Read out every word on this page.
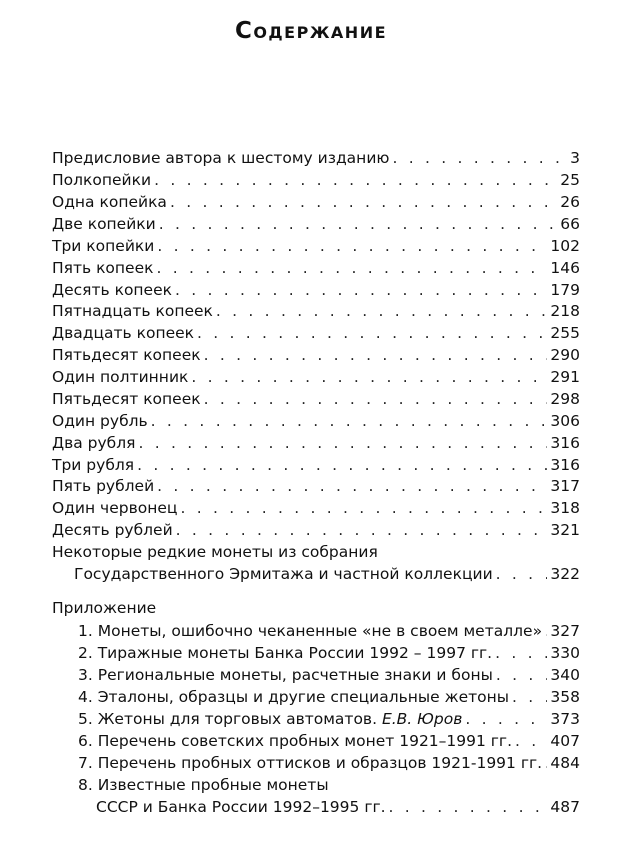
Содержание
Предисловие автора к шестому изданию . . .	3
Полкопейки . . .	25
Одна копейка . . .	26
Две копейки . . .	66
Три копейки . . .	102
Пять копеек . . .	146
Десять копеек . . .	179
Пятнадцать копеек . . .	218
Двадцать копеек . . .	255
Пятьдесят копеек . . .	290
Один полтинник . . .	291
Пятьдесят копеек . . .	298
Один рубль . . .	306
Два рубля . . .	316
Три рубля . . .	316
Пять рублей . . .	317
Один червонец . . .	318
Десять рублей . . .	321
Некоторые редкие монеты из собрания
Государственного Эрмитажа и частной коллекции . . .	322
Приложение
1. Монеты, ошибочно чеканенные «не в своем металле» . . . 327
2. Тиражные монеты Банка России 1992 – 1997 гг. . . .	330
3. Региональные монеты, расчетные знаки и боны . . .	340
4. Эталоны, образцы и другие специальные жетоны . . .	358
5. Жетоны для торговых автоматов. Е.В. Юров . . .	373
6. Перечень советских пробных монет 1921–1991 гг. . . . 407
7. Перечень пробных оттисков и образцов 1921-1991 гг. . . . 484
8. Известные пробные монеты
СССР и Банка России 1992–1995 гг. . . .	487
